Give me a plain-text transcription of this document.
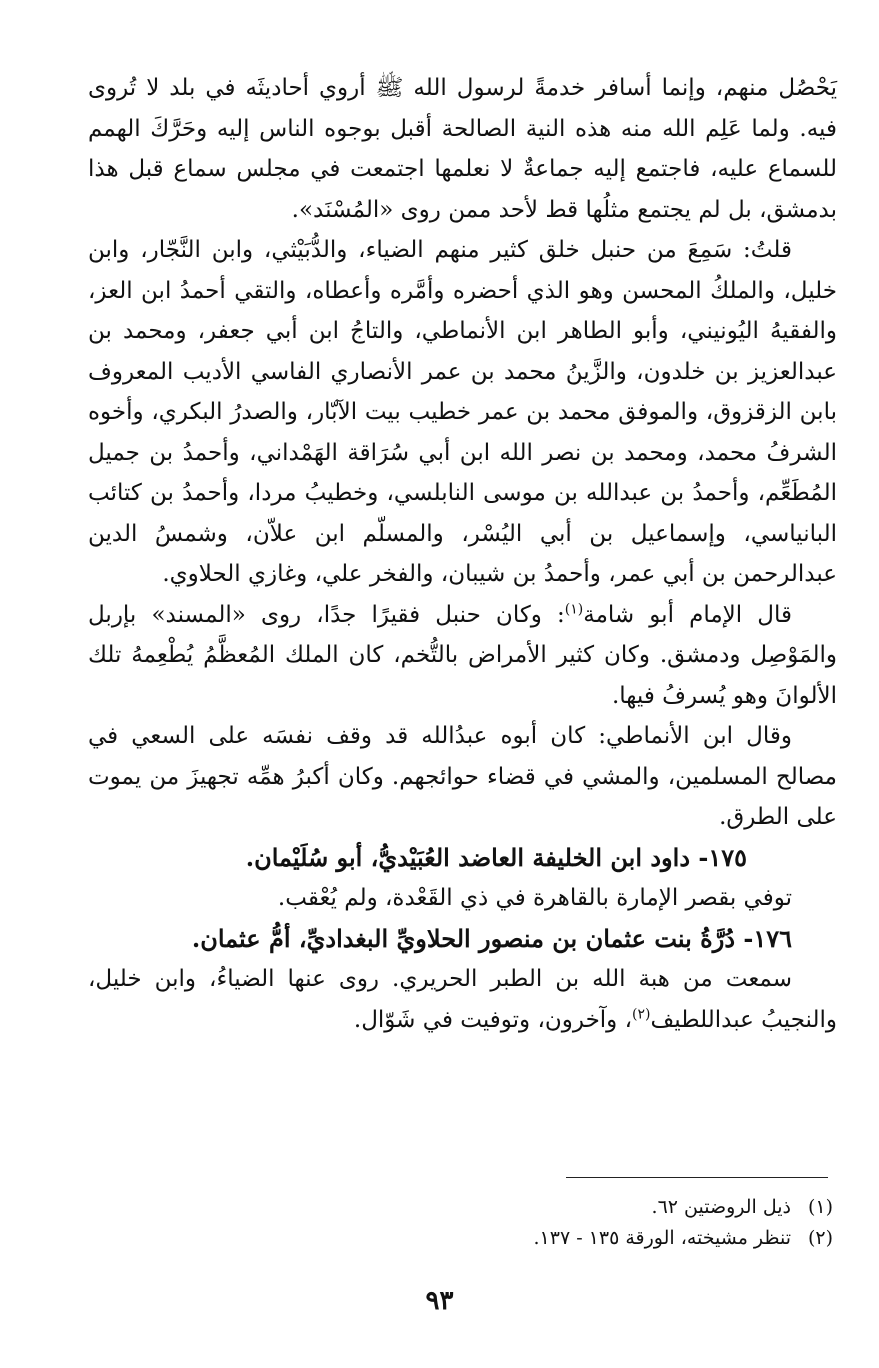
يَحْصُل منهم، وإنما أسافر خدمةً لرسول الله ﷺ أروي أحاديثَه في بلد لا تُروى فيه. ولما عَلِم الله منه هذه النية الصالحة أقبل بوجوه الناس إليه وحَرَّكَ الهمم للسماع عليه، فاجتمع إليه جماعةٌ لا نعلمها اجتمعت في مجلس سماع قبل هذا بدمشق، بل لم يجتمع مثلُها قط لأحد ممن روى «المُسْنَد».

قلتُ: سَمِعَ من حنبل خلق كثير منهم الضياء، والدُّبَيْثي، وابن النَّجّار، وابن خليل، والملكُ المحسن وهو الذي أحضره وأمَّره وأعطاه، والتقي أحمدُ ابن العز، والفقيهُ اليُونيني، وأبو الطاهر ابن الأنماطي، والتاجُ ابن أبي جعفر، ومحمد بن عبدالعزيز بن خلدون، والزَّينُ محمد بن عمر الأنصاري الفاسي الأديب المعروف بابن الزقزوق، والموفق محمد بن عمر خطيب بيت الآبّار، والصدرُ البكري، وأخوه الشرفُ محمد، ومحمد بن نصر الله ابن أبي سُرَاقة الهَمْداني، وأحمدُ بن جميل المُطَعِّم، وأحمدُ بن عبدالله بن موسى النابلسي، وخطيبُ مردا، وأحمدُ بن كتائب البانياسي، وإسماعيل بن أبي اليُسْر، والمسلّم ابن علاّن، وشمسُ الدين عبدالرحمن بن أبي عمر، وأحمدُ بن شيبان، والفخر علي، وغازي الحلاوي.

قال الإمام أبو شامة$^{(١)}$: وكان حنبل فقيرًا جدًا، روى «المسند» بإربل والمَوْصِل ودمشق. وكان كثير الأمراض بالتُّخم، كان الملك المُعظَّمُ يُطْعِمهُ تلك الألوانَ وهو يُسرفُ فيها.

وقال ابن الأنماطي: كان أبوه عبدُالله قد وقف نفسَه على السعي في مصالح المسلمين، والمشي في قضاء حوائجهم. وكان أكبرُ همِّه تجهيزَ من يموت على الطرق.

١٧٥- داود ابن الخليفة العاضد العُبَيْديُّ، أبو سُلَيْمان.

توفي بقصر الإمارة بالقاهرة في ذي القَعْدة، ولم يُعْقب.

١٧٦- دُرَّةُ بنت عثمان بن منصور الحلاويِّ البغداديِّ، أمُّ عثمان.

سمعت من هبة الله بن الطبر الحريري. روى عنها الضياءُ، وابن خليل، والنجيبُ عبداللطيف$^{(٢)}$، وآخرون، وتوفيت في شَوّال.

(١)
ذيل الروضتين ٦٢.
(٢)
تنظر مشيخته، الورقة ١٣٥ - ١٣٧.
٩٣
